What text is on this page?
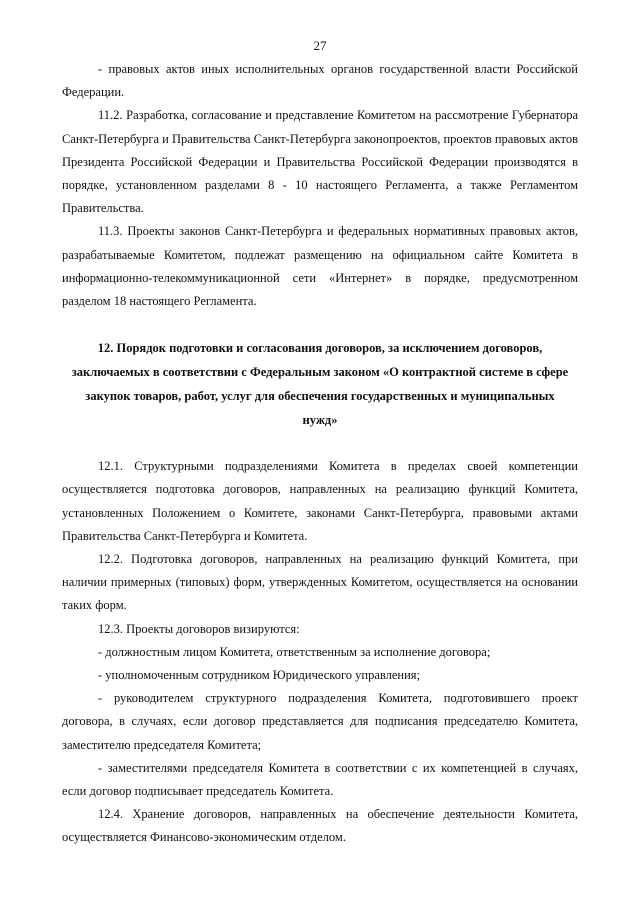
27

- правовых актов иных исполнительных органов государственной власти Российской Федерации.

11.2. Разработка, согласование и представление Комитетом на рассмотрение Губернатора Санкт-Петербурга и Правительства Санкт-Петербурга законопроектов, проектов правовых актов Президента Российской Федерации и Правительства Российской Федерации производятся в порядке, установленном разделами 8 - 10 настоящего Регламента, а также Регламентом Правительства.

11.3. Проекты законов Санкт-Петербурга и федеральных нормативных правовых актов, разрабатываемые Комитетом, подлежат размещению на официальном сайте Комитета в информационно-телекоммуникационной сети «Интернет» в порядке, предусмотренном разделом 18 настоящего Регламента.

12. Порядок подготовки и согласования договоров, за исключением договоров, заключаемых в соответствии с Федеральным законом «О контрактной системе в сфере закупок товаров, работ, услуг для обеспечения государственных и муниципальных нужд»

12.1. Структурными подразделениями Комитета в пределах своей компетенции осуществляется подготовка договоров, направленных на реализацию функций Комитета, установленных Положением о Комитете, законами Санкт-Петербурга, правовыми актами Правительства Санкт-Петербурга и Комитета.

12.2. Подготовка договоров, направленных на реализацию функций Комитета, при наличии примерных (типовых) форм, утвержденных Комитетом, осуществляется на основании таких форм.

12.3. Проекты договоров визируются:

- должностным лицом Комитета, ответственным за исполнение договора;

- уполномоченным сотрудником Юридического управления;

- руководителем структурного подразделения Комитета, подготовившего проект договора, в случаях, если договор представляется для подписания председателю Комитета, заместителю председателя Комитета;

- заместителями председателя Комитета в соответствии с их компетенцией в случаях, если договор подписывает председатель Комитета.

12.4. Хранение договоров, направленных на обеспечение деятельности Комитета, осуществляется Финансово-экономическим отделом.
